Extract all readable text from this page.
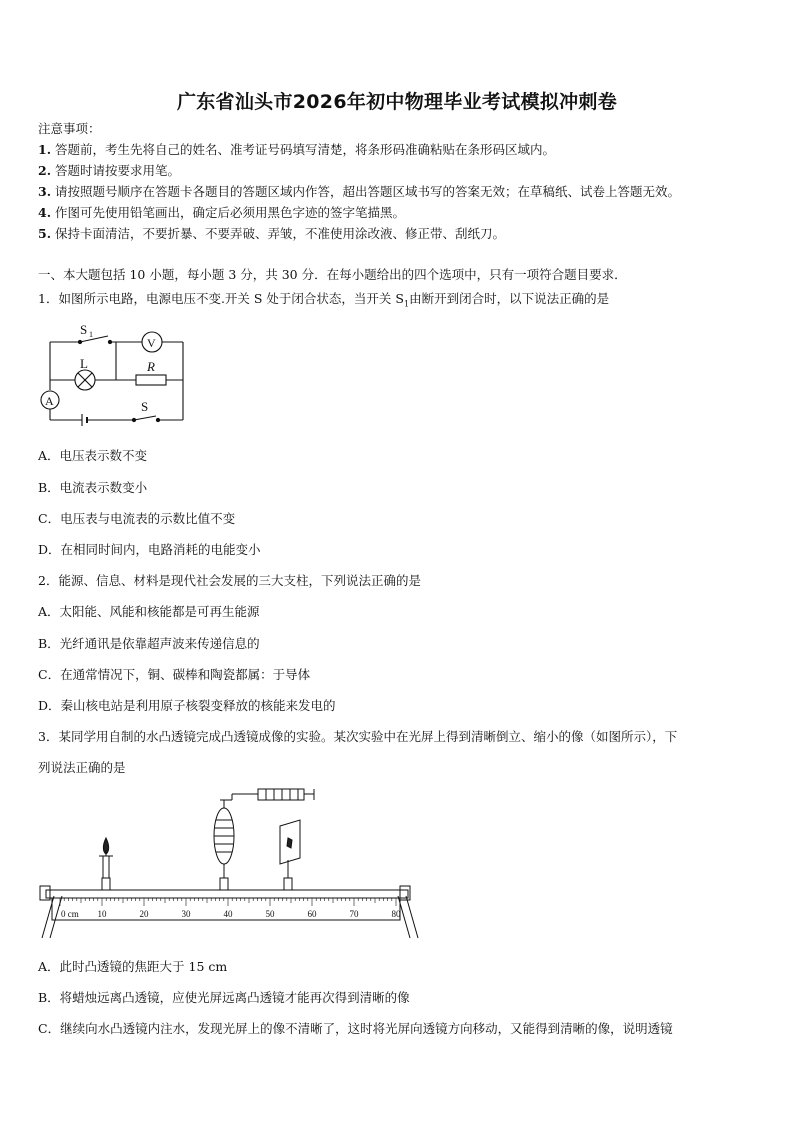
广东省汕头市2026年初中物理毕业考试模拟冲刺卷
注意事项：
1. 答题前，考生先将自己的姓名、准考证号码填写清楚，将条形码准确粘贴在条形码区域内。
2. 答题时请按要求用笔。
3. 请按照题号顺序在答题卡各题目的答题区域内作答，超出答题区域书写的答案无效；在草稿纸、试卷上答题无效。
4. 作图可先使用铅笔画出，确定后必须用黑色字迹的签字笔描黑。
5. 保持卡面清洁，不要折暴、不要弄破、弄皱，不准使用涂改液、修正带、刮纸刀。
一、本大题包括 10 小题，每小题 3 分，共 30 分．在每小题给出的四个选项中，只有一项符合题目要求．
1．如图所示电路，电源电压不变.开关 S 处于闭合状态，当开关 $S_1$由断开到闭合时，以下说法正确的是
S 1
L
V
R
A	S
A．电压表示数不变
B．电流表示数变小
C．电压表与电流表的示数比值不变
D．在相同时间内，电路消耗的电能变小
2．能源、信息、材料是现代社会发展的三大支柱，下列说法正确的是
A．太阳能、风能和核能都是可再生能源
B．光纤通讯是依靠超声波来传递信息的
C．在通常情况下，铜、碳棒和陶瓷都属：于导体
D．秦山核电站是利用原子核裂变释放的核能来发电的
3．某同学用自制的水凸透镜完成凸透镜成像的实验。某次实验中在光屏上得到清晰倒立、缩小的像（如图所示），下
列说法正确的是
0 cm 10	20	30	40	50	60	70	80
A．此时凸透镜的焦距大于 15 cm
B．将蜡烛远离凸透镜，应使光屏远离凸透镜才能再次得到清晰的像
C．继续向水凸透镜内注水，发现光屏上的像不清晰了，这时将光屏向透镜方向移动，又能得到清晰的像，说明透镜
